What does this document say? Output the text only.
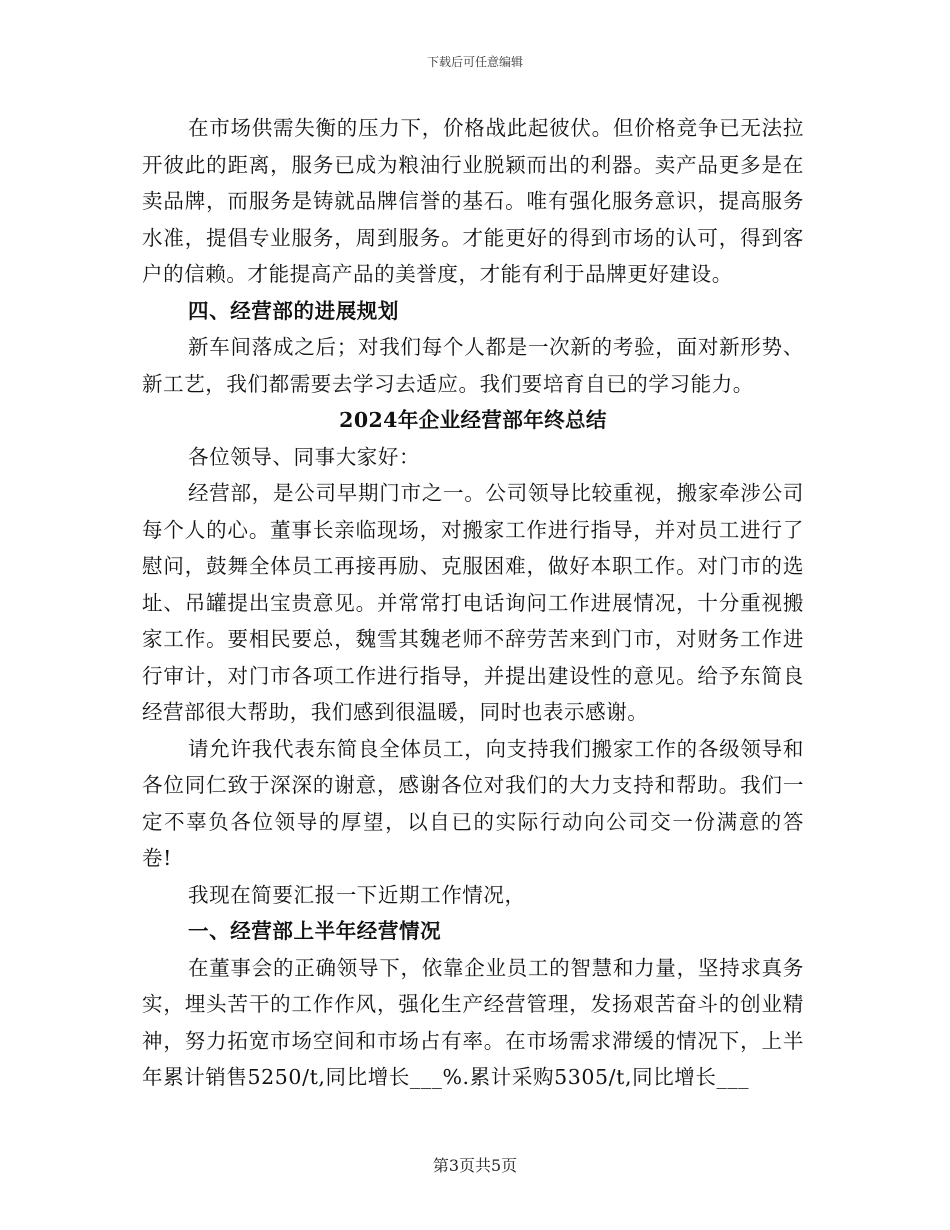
下载后可任意编辑

在市场供需失衡的压力下，价格战此起彼伏。但价格竞争已无法拉开彼此的距离，服务已成为粮油行业脱颖而出的利器。卖产品更多是在卖品牌，而服务是铸就品牌信誉的基石。唯有强化服务意识，提高服务水准，提倡专业服务，周到服务。才能更好的得到市场的认可，得到客户的信赖。才能提高产品的美誉度，才能有利于品牌更好建设。

四、经营部的进展规划

新车间落成之后；对我们每个人都是一次新的考验，面对新形势、新工艺，我们都需要去学习去适应。我们要培育自已的学习能力。

2024年企业经营部年终总结

各位领导、同事大家好：

经营部，是公司早期门市之一。公司领导比较重视，搬家牵涉公司每个人的心。董事长亲临现场，对搬家工作进行指导，并对员工进行了慰问，鼓舞全体员工再接再励、克服困难，做好本职工作。对门市的选址、吊罐提出宝贵意见。并常常打电话询问工作进展情况，十分重视搬家工作。要相民要总，魏雪其魏老师不辞劳苦来到门市，对财务工作进行审计，对门市各项工作进行指导，并提出建设性的意见。给予东简良经营部很大帮助，我们感到很温暖，同时也表示感谢。

请允许我代表东简良全体员工，向支持我们搬家工作的各级领导和各位同仁致于深深的谢意，感谢各位对我们的大力支持和帮助。我们一定不辜负各位领导的厚望，以自已的实际行动向公司交一份满意的答卷!

我现在简要汇报一下近期工作情况，

一、经营部上半年经营情况

在董事会的正确领导下，依靠企业员工的智慧和力量，坚持求真务实，埋头苦干的工作作风，强化生产经营管理，发扬艰苦奋斗的创业精神，努力拓宽市场空间和市场占有率。在市场需求滞缓的情况下，上半年累计销售5250/t,同比增长___%.累计采购5305/t,同比增长___

第3页共5页
